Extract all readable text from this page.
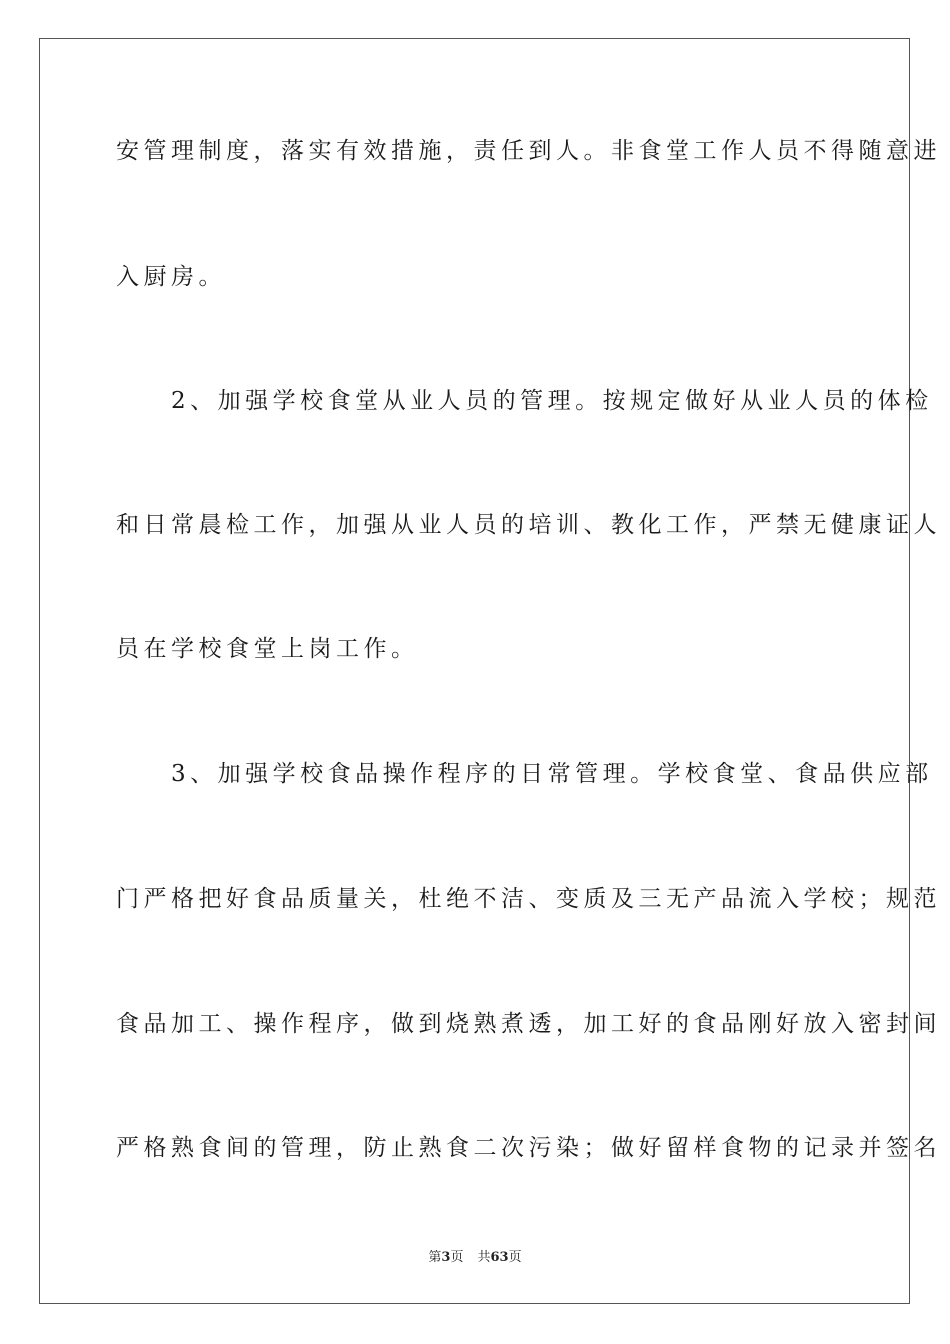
安管理制度，落实有效措施，责任到人。非食堂工作人员不得随意进
入厨房。
　　2、加强学校食堂从业人员的管理。按规定做好从业人员的体检
和日常晨检工作，加强从业人员的培训、教化工作，严禁无健康证人
员在学校食堂上岗工作。
　　3、加强学校食品操作程序的日常管理。学校食堂、食品供应部
门严格把好食品质量关，杜绝不洁、变质及三无产品流入学校；规范
食品加工、操作程序，做到烧熟煮透，加工好的食品刚好放入密封间
严格熟食间的管理，防止熟食二次污染；做好留样食物的记录并签名
第3页 共63页
